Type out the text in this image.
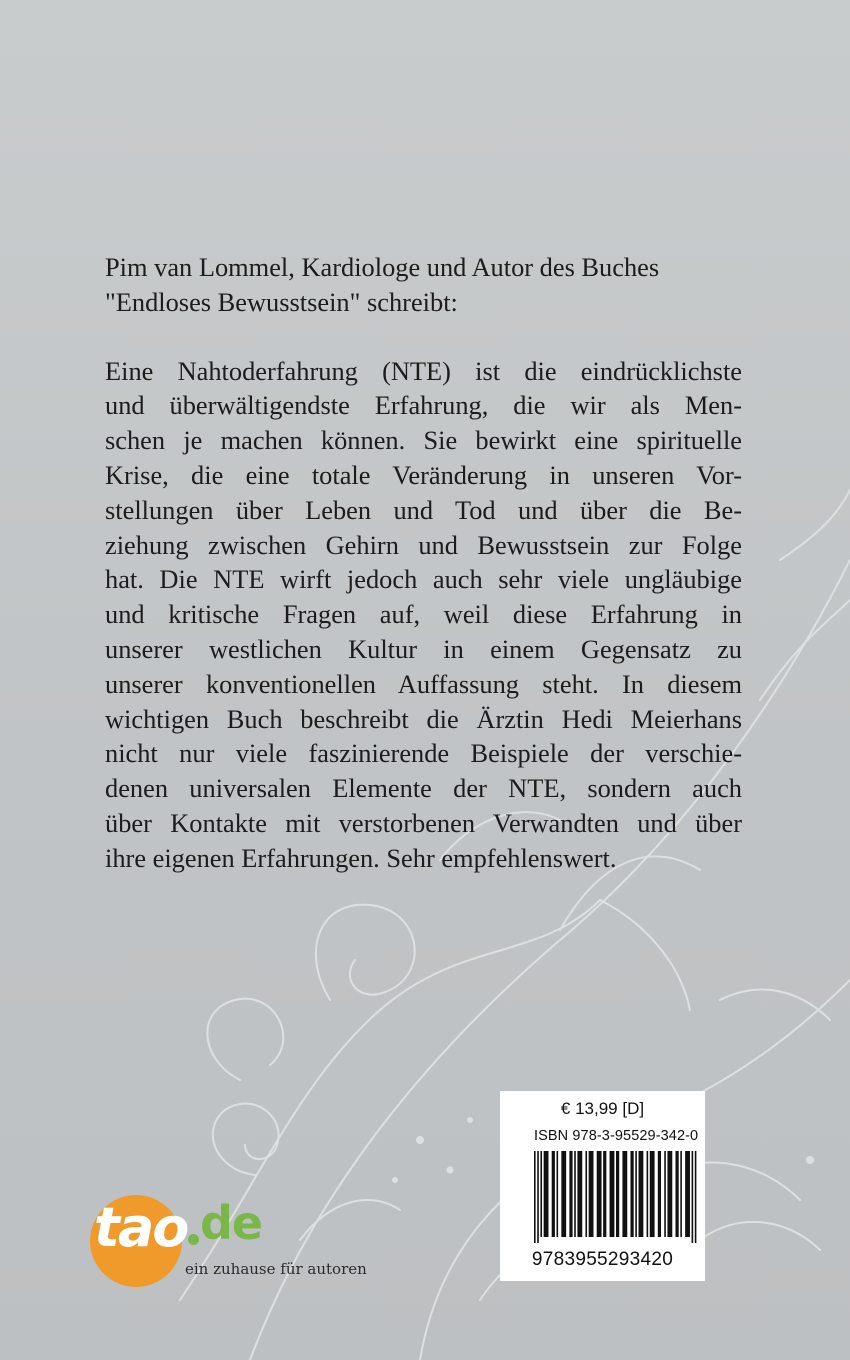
Pim van Lommel, Kardiologe und Autor des Buches
"Endloses Bewusstsein" schreibt:

Eine Nahtoderfahrung (NTE) ist die eindrücklichste
und überwältigendste Erfahrung, die wir als Men-
schen je machen können. Sie bewirkt eine spirituelle
Krise, die eine totale Veränderung in unseren Vor-
stellungen über Leben und Tod und über die Be-
ziehung zwischen Gehirn und Bewusstsein zur Folge
hat. Die NTE wirft jedoch auch sehr viele ungläubige
und kritische Fragen auf, weil diese Erfahrung in
unserer westlichen Kultur in einem Gegensatz zu
unserer konventionellen Auffassung steht. In diesem
wichtigen Buch beschreibt die Ärztin Hedi Meierhans
nicht nur viele faszinierende Beispiele der verschie-
denen universalen Elemente der NTE, sondern auch
über Kontakte mit verstorbenen Verwandten und über
ihre eigenen Erfahrungen. Sehr empfehlenswert.

tao de
ein zuhause für autoren
€ 13,99 [D]
ISBN 978-3-95529-342-0
9783955293420
